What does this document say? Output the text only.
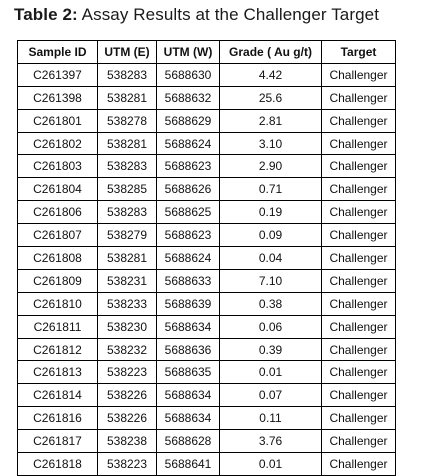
Table 2: Assay Results at the Challenger Target
Sample ID	UTM (E)	UTM (W)	Grade ( Au g/t)	Target
C261397	538283	5688630	4.42	Challenger
C261398	538281	5688632	25.6	Challenger
C261801	538278	5688629	2.81	Challenger
C261802	538281	5688624	3.10	Challenger
C261803	538283	5688623	2.90	Challenger
C261804	538285	5688626	0.71	Challenger
C261806	538283	5688625	0.19	Challenger
C261807	538279	5688623	0.09	Challenger
C261808	538281	5688624	0.04	Challenger
C261809	538231	5688633	7.10	Challenger
C261810	538233	5688639	0.38	Challenger
C261811	538230	5688634	0.06	Challenger
C261812	538232	5688636	0.39	Challenger
C261813	538223	5688635	0.01	Challenger
C261814	538226	5688634	0.07	Challenger
C261816	538226	5688634	0.11	Challenger
C261817	538238	5688628	3.76	Challenger
C261818	538223	5688641	0.01	Challenger
